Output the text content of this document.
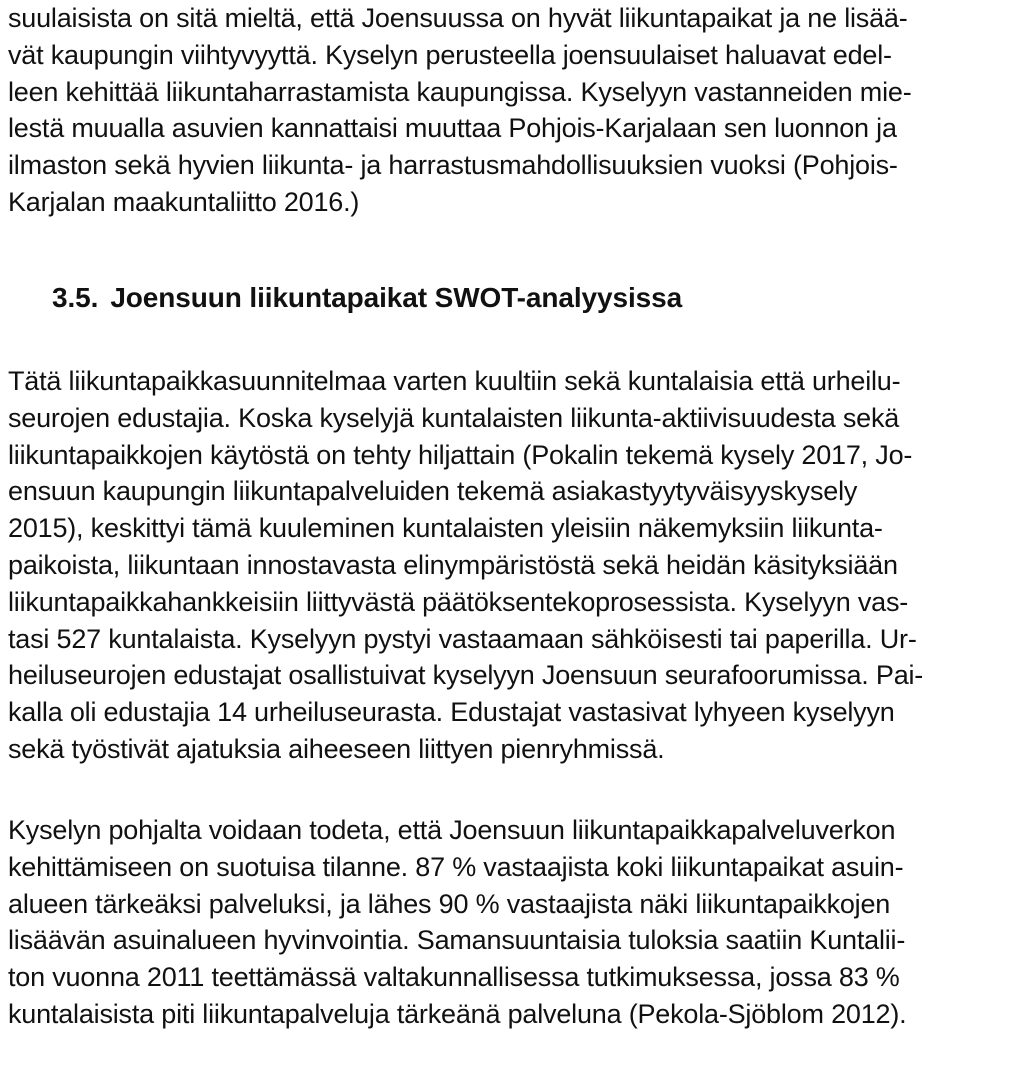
suulaisista on sitä mieltä, että Joensuussa on hyvät liikuntapaikat ja ne lisää-
vät kaupungin viihtyvyyttä. Kyselyn perusteella joensuulaiset haluavat edel-
leen kehittää liikuntaharrastamista kaupungissa. Kyselyyn vastanneiden mie-
lestä muualla asuvien kannattaisi muuttaa Pohjois-Karjalaan sen luonnon ja
ilmaston sekä hyvien liikunta- ja harrastusmahdollisuuksien vuoksi (Pohjois-
Karjalan maakuntaliitto 2016.)
3.5. Joensuun liikuntapaikat SWOT-analyysissa
Tätä liikuntapaikkasuunnitelmaa varten kuultiin sekä kuntalaisia että urheilu-
seurojen edustajia. Koska kyselyjä kuntalaisten liikunta-aktiivisuudesta sekä
liikuntapaikkojen käytöstä on tehty hiljattain (Pokalin tekemä kysely 2017, Jo-
ensuun kaupungin liikuntapalveluiden tekemä asiakastyytyväisyyskysely
2015), keskittyi tämä kuuleminen kuntalaisten yleisiin näkemyksiin liikunta-
paikoista, liikuntaan innostavasta elinympäristöstä sekä heidän käsityksiään
liikuntapaikkahankkeisiin liittyvästä päätöksentekoprosessista. Kyselyyn vas-
tasi 527 kuntalaista. Kyselyyn pystyi vastaamaan sähköisesti tai paperilla. Ur-
heiluseurojen edustajat osallistuivat kyselyyn Joensuun seurafoorumissa. Pai-
kalla oli edustajia 14 urheiluseurasta. Edustajat vastasivat lyhyeen kyselyyn
sekä työstivät ajatuksia aiheeseen liittyen pienryhmissä.
Kyselyn pohjalta voidaan todeta, että Joensuun liikuntapaikkapalveluverkon
kehittämiseen on suotuisa tilanne. 87 % vastaajista koki liikuntapaikat asuin-
alueen tärkeäksi palveluksi, ja lähes 90 % vastaajista näki liikuntapaikkojen
lisäävän asuinalueen hyvinvointia. Samansuuntaisia tuloksia saatiin Kuntalii-
ton vuonna 2011 teettämässä valtakunnallisessa tutkimuksessa, jossa 83 %
kuntalaisista piti liikuntapalveluja tärkeänä palveluna (Pekola-Sjöblom 2012).
